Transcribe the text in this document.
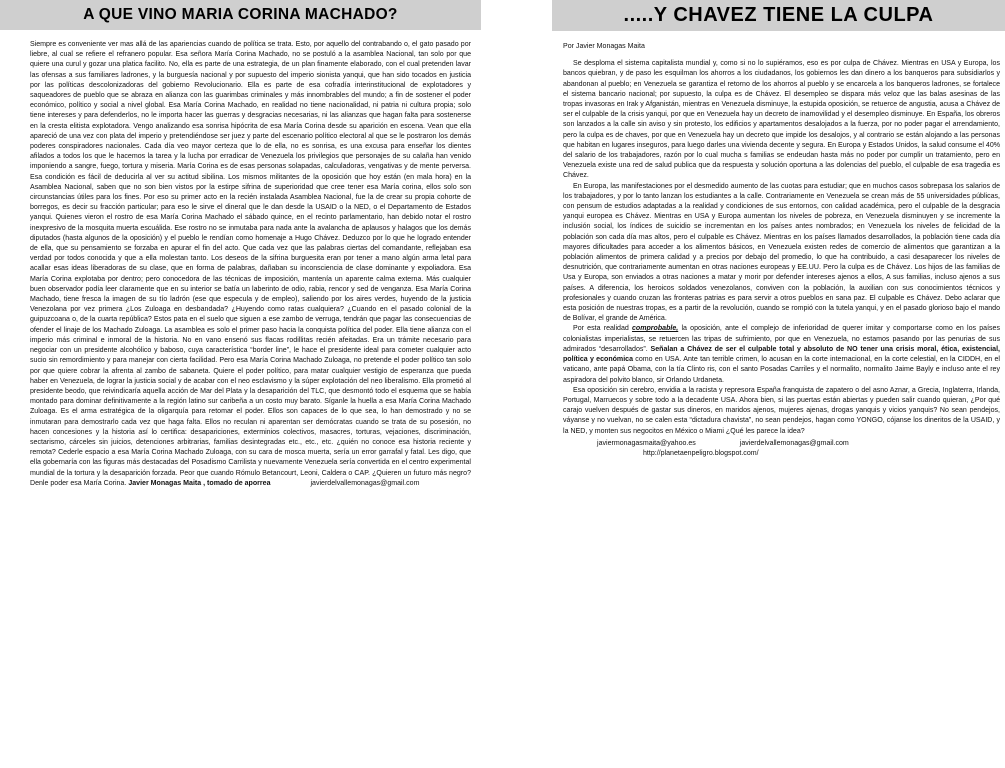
A QUE VINO MARIA CORINA MACHADO?
Siempre es conveniente ver mas allá de las apariencias cuando de política se trata. Esto, por aquello del contrabando o, el gato pasado por liebre, al cual se refiere el refranero popular. Esa señora María Corina Machado, no se postuló a la asamblea Nacional, tan solo por que quiere una curul y gozar una platica facilito. No, ella es parte de una estrategia, de un plan finamente elaborado, con el cual pretenden lavar las ofensas a sus familiares ladrones, y la burguesía nacional y por supuesto del imperio sionista yanqui, que han sido tocados en justicia por las políticas descolonizadoras del gobierno Revolucionario. Ella es parte de esa cofradía interinstitucional de explotadores y saqueadores de pueblo que se abraza en alianza con las guarimbas criminales y más innombrables del mundo; a fin de sostener el poder económico, político y social a nivel global. Esa María Corina Machado, en realidad no tiene nacionalidad, ni patria ni cultura propia; solo tiene intereses y para defenderlos, no le importa hacer las guerras y desgracias necesarias, ni las alianzas que hagan falta para sostenerse en la cresta elitista explotadora. Vengo analizando esa sonrisa hipócrita de esa María Corina desde su aparición en escena. Vean que ella apareció de una vez con plata del imperio y pretendiéndose ser juez y parte del escenario político electoral al que se le postraron los demás poderes conspiradores nacionales. Cada día veo mayor certeza que lo de ella, no es sonrisa, es una excusa para enseñar los dientes afilados a todos los que le hacemos la tarea y la lucha por erradicar de Venezuela los privilegios que personajes de su calaña han venido imponiendo a sangre, fuego, tortura y miseria. María Corina es de esas personas solapadas, calculadoras, vengativas y de mente perversa. Esa condición es fácil de deducirla al ver su actitud sibilina. Los mismos militantes de la oposición que hoy están (en mala hora) en la Asamblea Nacional, saben que no son bien vistos por la estirpe sifrina de superioridad que cree tener esa María corina, ellos solo son circunstancias útiles para los fines. Por eso su primer acto en la recién instalada Asamblea Nacional, fue la de crear su propia cohorte de borregos, es decir su fracción particular; para eso le sirve el dineral que le dan desde la USAID o la NED, o el Departamento de Estados yanqui. Quienes vieron el rostro de esa María Corina Machado el sábado quince, en el recinto parlamentario, han debido notar el rostro inexpresivo de la mosquita muerta escuálida. Ese rostro no se inmutaba para nada ante la avalancha de aplausos y halagos que los demás diputados (hasta algunos de la oposición) y el pueblo le rendían como homenaje a Hugo Chávez. Deduzco por lo que he logrado entender de ella, que su pensamiento se forzaba en apurar el fin del acto. Que cada vez que las palabras ciertas del comandante, reflejaban esa verdad por todos conocida y que a ella molestan tanto. Los deseos de la sifrina burguesita eran por tener a mano algún arma letal para acallar esas ideas liberadoras de su clase, que en forma de palabras, dañaban su inconsciencia de clase dominante y expoliadora. Esa María Corina explotaba por dentro; pero conocedora de las técnicas de imposición, mantenía un aparente calma externa. Más cualquier buen observador podía leer claramente que en su interior se batía un laberinto de odio, rabia, rencor y sed de venganza. Esa María Corina Machado, tiene fresca la imagen de su tío ladrón (ese que especula y de empleo), saliendo por los aires verdes, huyendo de la justicia Venezolana por vez primera ¿Los Zuloaga en desbandada? ¿Huyendo como ratas cualquiera? ¿Cuando en el pasado colonial de la guipuzcoana o, de la cuarta república? Estos pata en el suelo que siguen a ese zambo de verruga, tendrán que pagar las consecuencias de ofender el linaje de los Machado Zuloaga. La asamblea es solo el primer paso hacia la conquista política del poder. Ella tiene alianza con el imperio más criminal e inmoral de la historia. No en vano ensenó sus flacas rodillitas recién afeitadas. Era un trámite necesario para negociar con un presidente alcohólico y baboso, cuya característica “border line”, le hace el presidente ideal para cometer cualquier acto sucio sin remordimiento y para manejar con cierta facilidad. Pero esa María Corina Machado Zuloaga, no pretende el poder político tan solo por que quiere cobrar la afrenta al zambo de sabaneta. Quiere el poder político, para matar cualquier vestigio de esperanza que pueda haber en Venezuela, de lograr la justicia social y de acabar con el neo esclavismo y la súper explotación del neo liberalismo. Ella prometió al presidente beodo, que reivindicaría aquella acción de Mar del Plata y la desaparición del TLC, que desmontó todo el esquema que se había montado para dominar definitivamente a la región latino sur caribeña a un costo muy barato. Síganle la huella a esa María Corina Machado Zuloaga. Es el arma estratégica de la oligarquía para retomar el poder. Ellos son capaces de lo que sea, lo han demostrado y no se inmutaran para demostrarlo cada vez que haga falta. Ellos no reculan ni aparentan ser demócratas cuando se trata de su posesión, no hacen concesiones y la historia así lo certifica: desapariciones, exterminios colectivos, masacres, torturas, vejaciones, discriminación, sectarismo, cárceles sin juicios, detenciones arbitrarias, familias desintegradas etc., etc., etc. ¿quién no conoce esa historia reciente y remota? Cederle espacio a esa María Corina Machado Zuloaga, con su cara de mosca muerta, sería un error garrafal y fatal. Les digo, que ella gobernaría con las figuras más destacadas del Posadismo Carrilista y nuevamente Venezuela sería convertida en el centro experimental mundial de la tortura y la desaparición forzada. Peor que cuando Rómulo Betancourt, Leoni, Caldera o CAP. ¿Quieren un futuro más negro? Denle poder esa María Corina. Javier Monagas Maita , tomado de aporrea	javierdelvallemonagas@gmail.com
.....Y CHAVEZ TIENE LA CULPA
Por Javier Monagas Maita

Se desploma el sistema capitalista mundial y, como si no lo supiéramos, eso es por culpa de Chávez. Mientras en USA y Europa, los bancos quiebran, y de paso les esquilman los ahorros a los ciudadanos, los gobiernos les dan dinero a los banqueros para subsidiarlos y abandonan al pueblo; en Venezuela se garantiza el retorno de los ahorros al pueblo y se encarcela a los banqueros ladrones, se fortalece el sistema bancario nacional; por supuesto, la culpa es de Chávez. El desempleo se dispara más veloz que las balas asesinas de las tropas invasoras en Irak y Afganistán, mientras en Venezuela disminuye, la estupida oposición, se retuerce de angustia, acusa a Chávez de ser el culpable de la crisis yanqui, por que en Venezuela hay un decreto de inamovilidad y el desempleo disminuye. En España, los obreros son lanzados a la calle sin aviso y sin protesto, los edificios y apartamentos desalojados a la fuerza, por no poder pagar el arrendamiento, pero la culpa es de chaves, por que en Venezuela hay un decreto que impide los desalojos, y al contrario se están alojando a las personas que habitan en lugares inseguros, para luego darles una vivienda decente y segura. En Europa y Estados Unidos, la salud consume el 40% del salario de los trabajadores, razón por lo cual mucha s familias se endeudan hasta más no poder por cumplir un tratamiento, pero en Venezuela existe una red de salud publica que da respuesta y solución oportuna a las dolencias del pueblo, el culpable de esa tragedia es Chávez.

En Europa, las manifestaciones por el desmedido aumento de las cuotas para estudiar; que en muchos casos sobrepasa los salarios de los trabajadores, y por lo tanto lanzan los estudiantes a la calle. Contrariamente en Venezuela se crean más de 55 universidades públicas, con pensum de estudios adaptadas a la realidad y condiciones de sus entornos, con calidad académica, pero el culpable de la desgracia yanqui europea es Chávez. Mientras en USA y Europa aumentan los niveles de pobreza, en Venezuela disminuyen y se incremente la inclusión social, los índices de suicidio se incrementan en los países antes nombrados; en Venezuela los niveles de felicidad de la población son cada día mas altos, pero el culpable es Chávez. Mientras en los países llamados desarrollados, la población tiene cada día mayores dificultades para acceder a los alimentos básicos, en Venezuela existen redes de comercio de alimentos que garantizan a la población alimentos de primera calidad y a precios por debajo del promedio, lo que ha contribuido, a casi desaparecer los niveles de desnutrición, que contrariamente aumentan en otras naciones europeas y EE.UU. Pero la culpa es de Chávez. Los hijos de las familias de Usa y Europa, son enviados a otras naciones a matar y morir por defender intereses ajenos a ellos, A sus familias, incluso ajenos a sus países. A diferencia, los heroicos soldados venezolanos, conviven con la población, la auxilian con sus conocimientos técnicos y profesionales y cuando cruzan las fronteras patrias es para servir a otros pueblos en sana paz. El culpable es Chávez. Debo aclarar que esta posición de nuestras tropas, es a partir de la revolución, cuando se rompió con la tutela yanqui, y en el pasado glorioso bajo el mando de Bolívar, el grande de América.

Por esta realidad comprobable, la oposición, ante el complejo de inferioridad de querer imitar y comportarse como en los países colonialistas imperialistas, se retuercen las tripas de sufrimiento, por que en Venezuela, no estamos pasando por las penurias de sus admirados “desarrollados”. Señalan a Chávez de ser el culpable total y absoluto de NO tener una crisis moral, ética, existencial, política y económica como en USA. Ante tan terrible crimen, lo acusan en la corte internacional, en la corte celestial, en la CIDDH, en el vaticano, ante papá Obama, con la tía Clinto ris, con el santo Posadas Carriles y el normalito, normalito Jaime Bayly e incluso ante el rey aspiradora del polvito blanco, sir Orlando Urdaneta.

Esa oposición sin cerebro, envidia a la racista y represora España franquista de zapatero o del asno Aznar, a Grecia, Inglaterra, Irlanda, Portugal, Marruecos y sobre todo a la decadente USA. Ahora bien, si las puertas están abiertas y pueden salir cuando quieran, ¿Por qué carajo vuelven después de gastar sus dineros, en maridos ajenos, mujeres ajenas, drogas yanquis y vicios yanquis? No sean pendejos, váyanse y no vuelvan, no se calen esta “dictadura chavista”, no sean pendejos, hagan como YONGO, cójanse los dineritos de la USAID, y la NED, y monten sus negocitos en México o Miami ¿Qué les parece la idea?

javiermonagasmaita@yahoo.es	javierdelvallemonagas@gmail.com
http://planetaenpeligro.blogspot.com/
